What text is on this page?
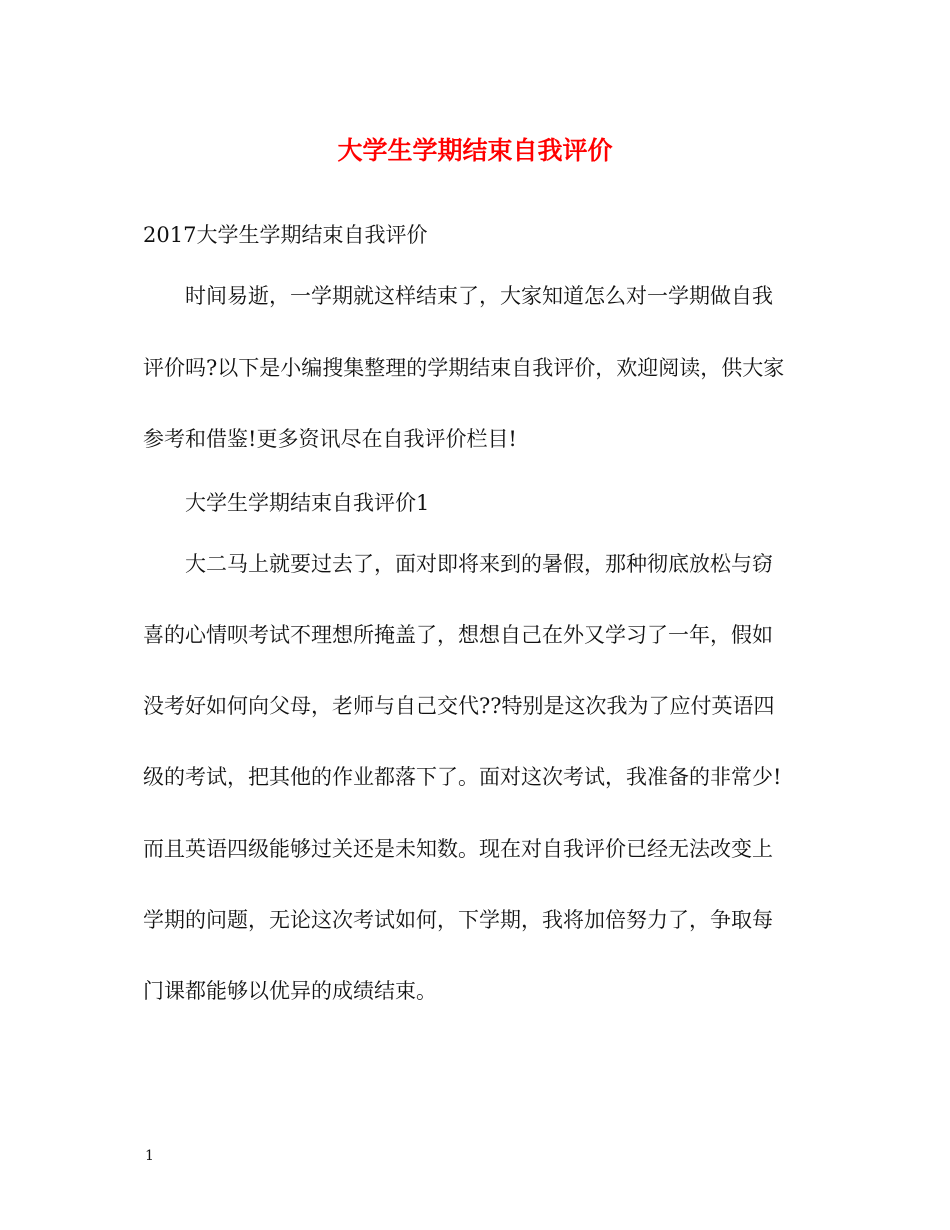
大学生学期结束自我评价

2017大学生学期结束自我评价

时间易逝，一学期就这样结束了，大家知道怎么对一学期做自我

评价吗?以下是小编搜集整理的学期结束自我评价，欢迎阅读，供大家

参考和借鉴!更多资讯尽在自我评价栏目!

大学生学期结束自我评价1

大二马上就要过去了，面对即将来到的暑假，那种彻底放松与窃

喜的心情呗考试不理想所掩盖了，想想自己在外又学习了一年，假如

没考好如何向父母，老师与自己交代??特别是这次我为了应付英语四

级的考试，把其他的作业都落下了。面对这次考试，我准备的非常少!

而且英语四级能够过关还是未知数。现在对自我评价已经无法改变上

学期的问题，无论这次考试如何，下学期，我将加倍努力了，争取每

门课都能够以优异的成绩结束。

1
